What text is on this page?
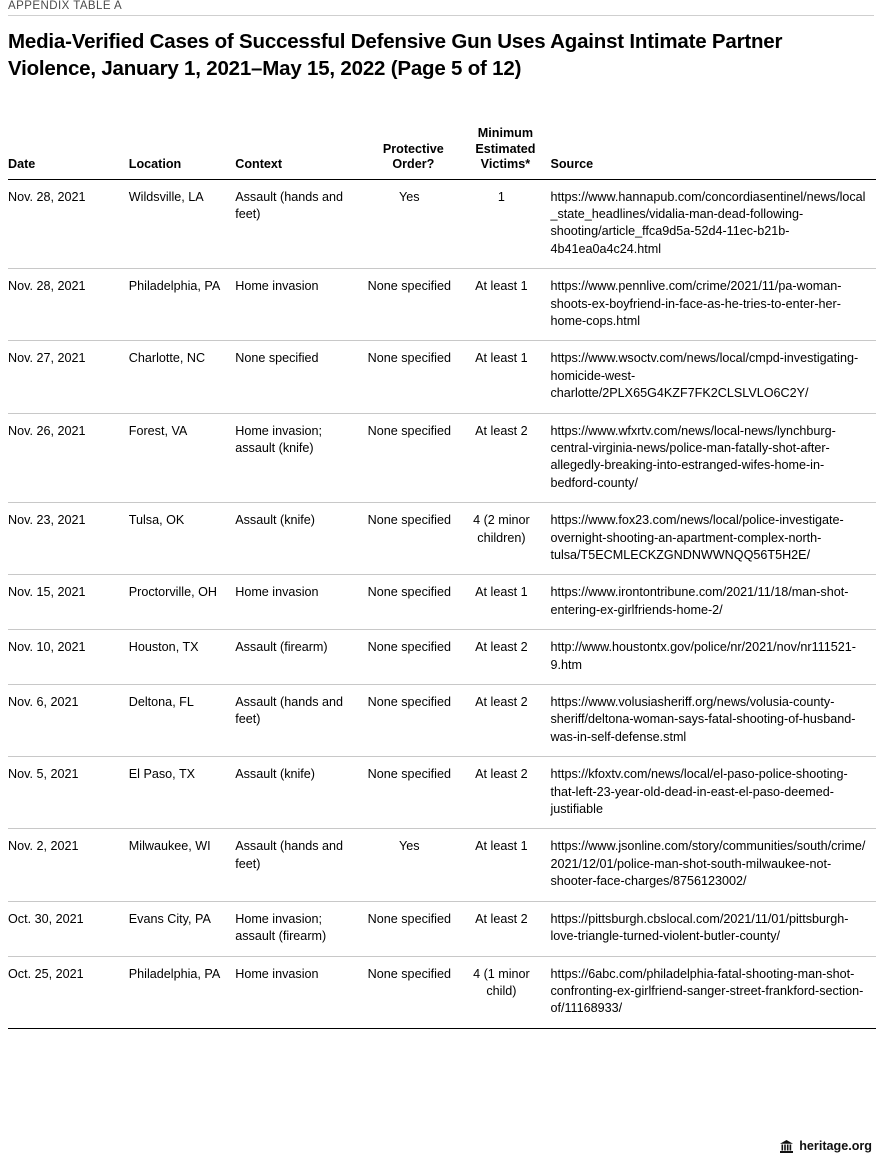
APPENDIX TABLE A
Media-Verified Cases of Successful Defensive Gun Uses Against Intimate Partner Violence, January 1, 2021–May 15, 2022 (Page 5 of 12)
Date	Location	Context	Protective Order?	Minimum Estimated Victims*	Source
Nov. 28, 2021	Wildsville, LA	Assault (hands and feet)	Yes	1	https://www.hannapub.com/concordiasentinel/news/local_state_headlines/vidalia-man-dead-following-shooting/article_ffca9d5a-52d4-11ec-b21b-4b41ea0a4c24.html
Nov. 28, 2021	Philadelphia, PA	Home invasion	None specified	At least 1	https://www.pennlive.com/crime/2021/11/pa-woman-shoots-ex-boyfriend-in-face-as-he-tries-to-enter-her-home-cops.html
Nov. 27, 2021	Charlotte, NC	None specified	None specified	At least 1	https://www.wsoctv.com/news/local/cmpd-investigating-homicide-west-charlotte/2PLX65G4KZF7FK2CLSLVLO6C2Y/
Nov. 26, 2021	Forest, VA	Home invasion; assault (knife)	None specified	At least 2	https://www.wfxrtv.com/news/local-news/lynchburg-central-virginia-news/police-man-fatally-shot-after-allegedly-breaking-into-estranged-wifes-home-in-bedford-county/
Nov. 23, 2021	Tulsa, OK	Assault (knife)	None specified	4 (2 minor children)	https://www.fox23.com/news/local/police-investigate-overnight-shooting-an-apartment-complex-north-tulsa/T5ECMLECKZGNDNWWNQQ56T5H2E/
Nov. 15, 2021	Proctorville, OH	Home invasion	None specified	At least 1	https://www.irontontribune.com/2021/11/18/man-shot-entering-ex-girlfriends-home-2/
Nov. 10, 2021	Houston, TX	Assault (firearm)	None specified	At least 2	http://www.houstontx.gov/police/nr/2021/nov/nr111521-9.htm
Nov. 6, 2021	Deltona, FL	Assault (hands and feet)	None specified	At least 2	https://www.volusiasheriff.org/news/volusia-county-sheriff/deltona-woman-says-fatal-shooting-of-husband-was-in-self-defense.stml
Nov. 5, 2021	El Paso, TX	Assault (knife)	None specified	At least 2	https://kfoxtv.com/news/local/el-paso-police-shooting-that-left-23-year-old-dead-in-east-el-paso-deemed-justifiable
Nov. 2, 2021	Milwaukee, WI	Assault (hands and feet)	Yes	At least 1	https://www.jsonline.com/story/communities/south/crime/2021/12/01/police-man-shot-south-milwaukee-not-shooter-face-charges/8756123002/
Oct. 30, 2021	Evans City, PA	Home invasion; assault (firearm)	None specified	At least 2	https://pittsburgh.cbslocal.com/2021/11/01/pittsburgh-love-triangle-turned-violent-butler-county/
Oct. 25, 2021	Philadelphia, PA	Home invasion	None specified	4 (1 minor child)	https://6abc.com/philadelphia-fatal-shooting-man-shot-confronting-ex-girlfriend-sanger-street-frankford-section-of/11168933/
heritage.org
